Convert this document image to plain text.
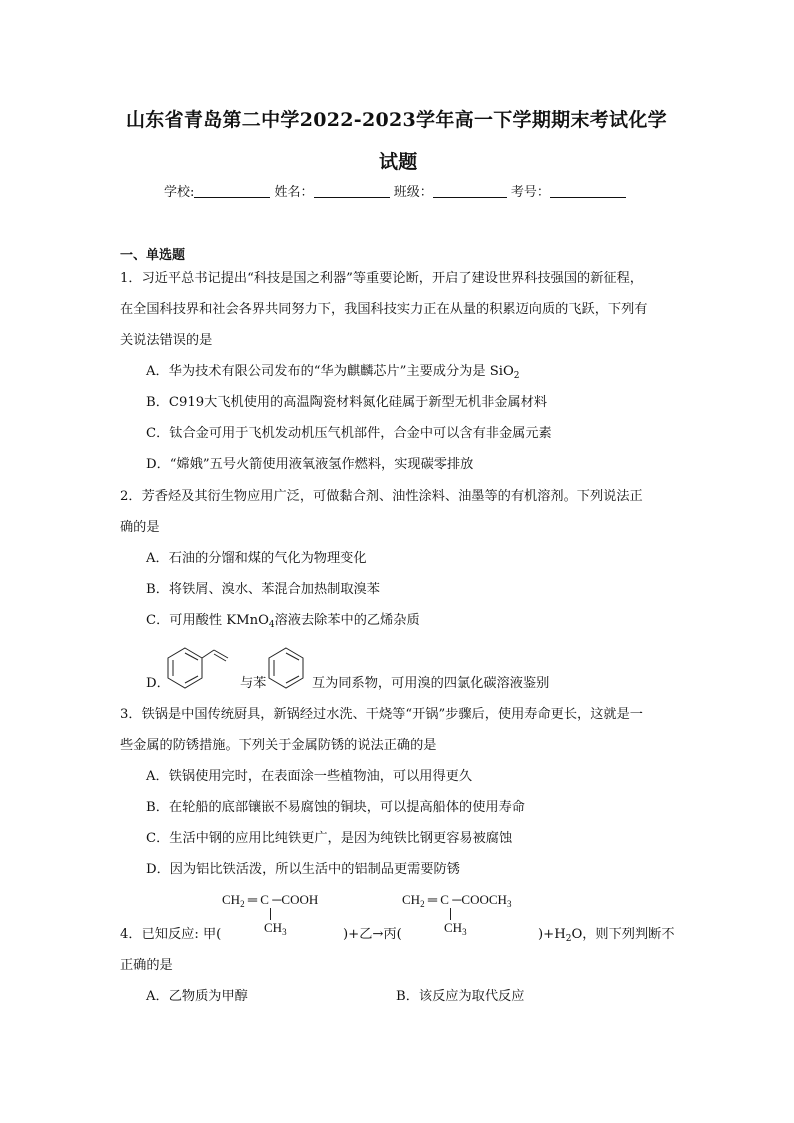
山东省青岛第二中学2022-2023学年高一下学期期末考试化学
试题
学校:	姓名：	班级：	考号：
一、单选题
1．习近平总书记提出“科技是国之利器”等重要论断，开启了建设世界科技强国的新征程，
在全国科技界和社会各界共同努力下，我国科技实力正在从量的积累迈向质的飞跃，下列有
关说法错误的是
A．华为技术有限公司发布的“华为麒麟芯片”主要成分为是 SiO$_2$
B．C919大飞机使用的高温陶瓷材料氮化硅属于新型无机非金属材料
C．钛合金可用于飞机发动机压气机部件，合金中可以含有非金属元素
D．“嫦娥”五号火箭使用液氧液氢作燃料，实现碳零排放
2．芳香烃及其衍生物应用广泛，可做黏合剂、油性涂料、油墨等的有机溶剂。下列说法正
确的是
A．石油的分馏和煤的气化为物理变化
B．将铁屑、溴水、苯混合加热制取溴苯
C．可用酸性 KMnO$_4$溶液去除苯中的乙烯杂质
D．	与苯	互为同系物，可用溴的四氯化碳溶液鉴别
3．铁锅是中国传统厨具，新锅经过水洗、干烧等“开锅”步骤后，使用寿命更长，这就是一
些金属的防锈措施。下列关于金属防锈的说法正确的是
A．铁锅使用完时，在表面涂一些植物油，可以用得更久
B．在轮船的底部镶嵌不易腐蚀的铜块，可以提高船体的使用寿命
C．生活中钢的应用比纯铁更广，是因为纯铁比钢更容易被腐蚀
D．因为铝比铁活泼，所以生活中的铝制品更需要防锈
$CH_2$ ═ C ─COOH
$CH_3$
$CH_2$ ═ C $─COOCH_3$
$CH_3$
4．已知反应: 甲(	)+乙→丙(	)$+H_2O$，则下列判断不
正确的是
A．乙物质为甲醇	B．该反应为取代反应
